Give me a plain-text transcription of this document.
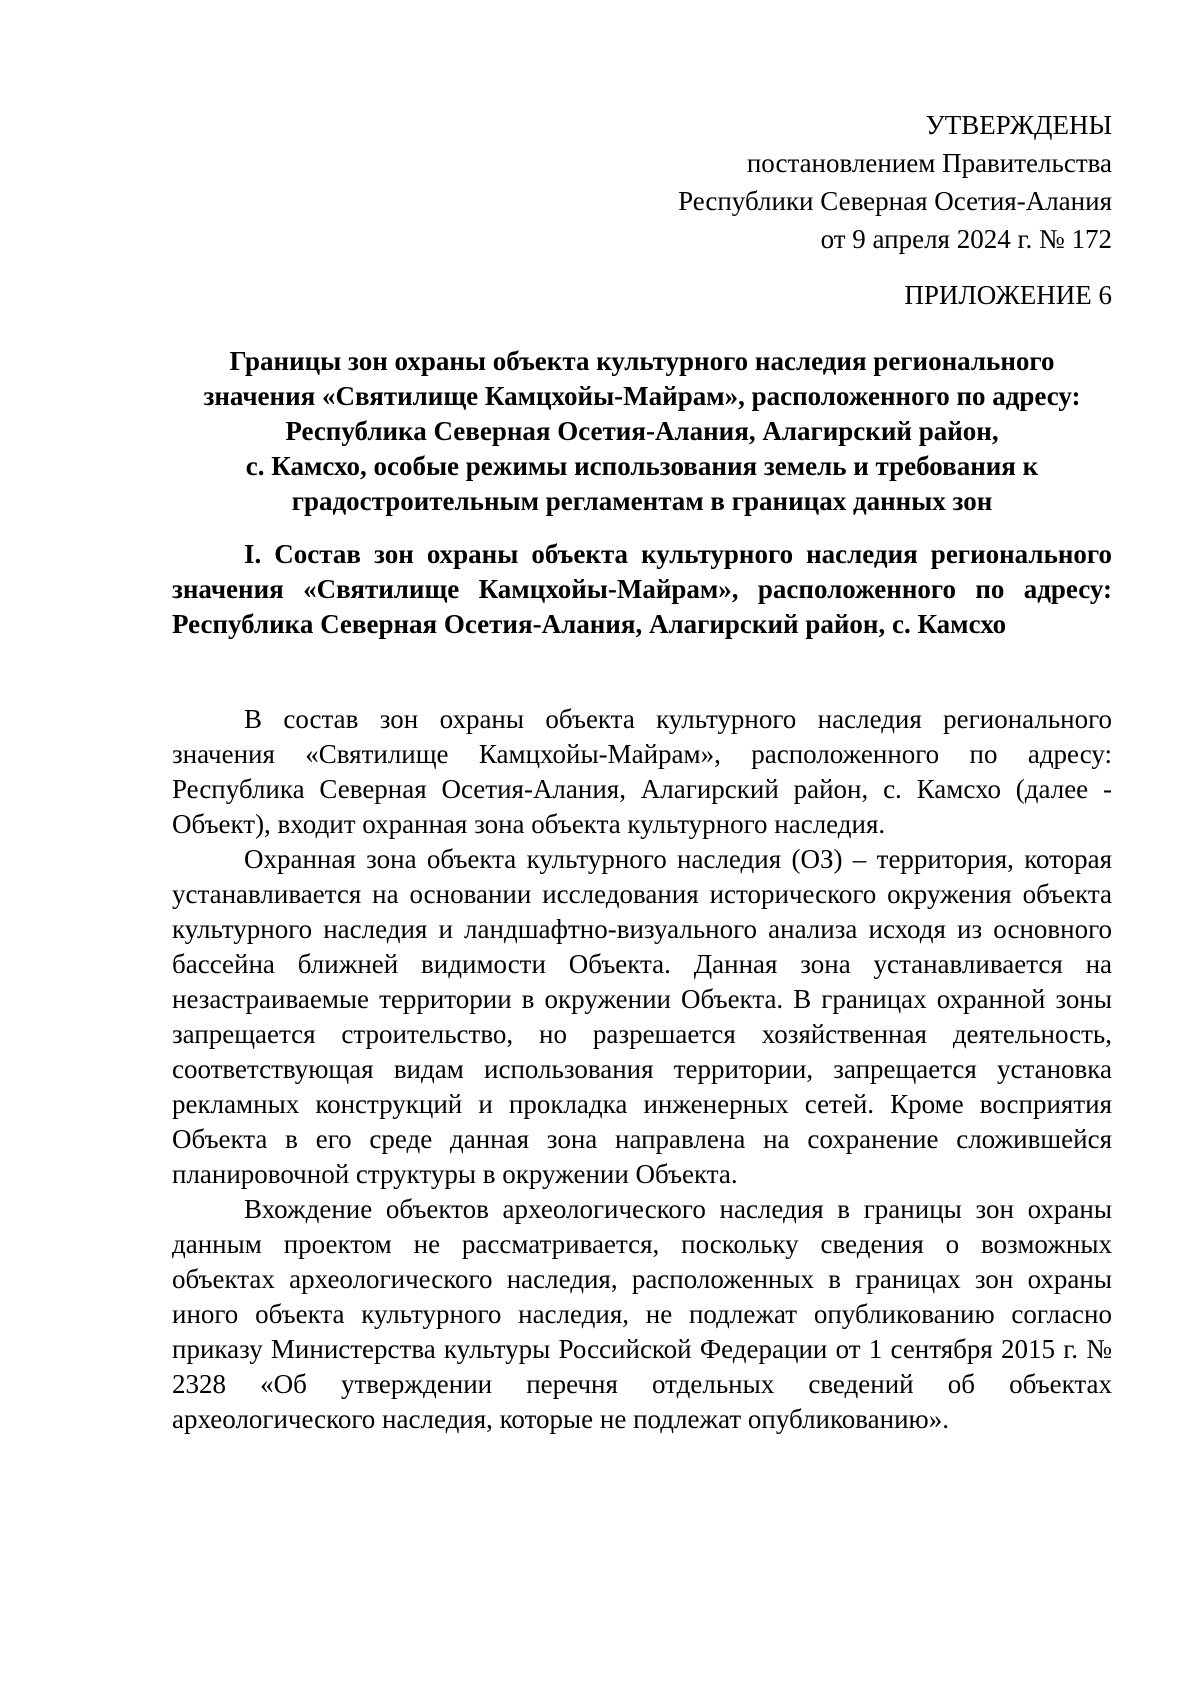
УТВЕРЖДЕНЫ
постановлением Правительства
Республики Северная Осетия-Алания
от 9 апреля 2024 г. № 172
ПРИЛОЖЕНИЕ 6
Границы зон охраны объекта культурного наследия регионального
значения «Святилище Камцхойы-Майрам», расположенного по адресу:
Республика Северная Осетия-Алания, Алагирский район,
с. Камсхо, особые режимы использования земель и требования к
градостроительным регламентам в границах данных зон
I. Состав зон охраны объекта культурного наследия регионального значения «Святилище Камцхойы-Майрам», расположенного по адресу: Республика Северная Осетия-Алания, Алагирский район, с. Камсхо

В состав зон охраны объекта культурного наследия регионального значения «Святилище Камцхойы-Майрам», расположенного по адресу: Республика Северная Осетия-Алания, Алагирский район, с. Камсхо (далее - Объект), входит охранная зона объекта культурного наследия.

Охранная зона объекта культурного наследия (ОЗ) – территория, которая устанавливается на основании исследования исторического окружения объекта культурного наследия и ландшафтно-визуального анализа исходя из основного бассейна ближней видимости Объекта. Данная зона устанавливается на незастраиваемые территории в окружении Объекта. В границах охранной зоны запрещается строительство, но разрешается хозяйственная деятельность, соответствующая видам использования территории, запрещается установка рекламных конструкций и прокладка инженерных сетей. Кроме восприятия Объекта в его среде данная зона направлена на сохранение сложившейся планировочной структуры в окружении Объекта.

Вхождение объектов археологического наследия в границы зон охраны данным проектом не рассматривается, поскольку сведения о возможных объектах археологического наследия, расположенных в границах зон охраны иного объекта культурного наследия, не подлежат опубликованию согласно приказу Министерства культуры Российской Федерации от 1 сентября 2015 г. № 2328 «Об утверждении перечня отдельных сведений об объектах археологического наследия, которые не подлежат опубликованию».
